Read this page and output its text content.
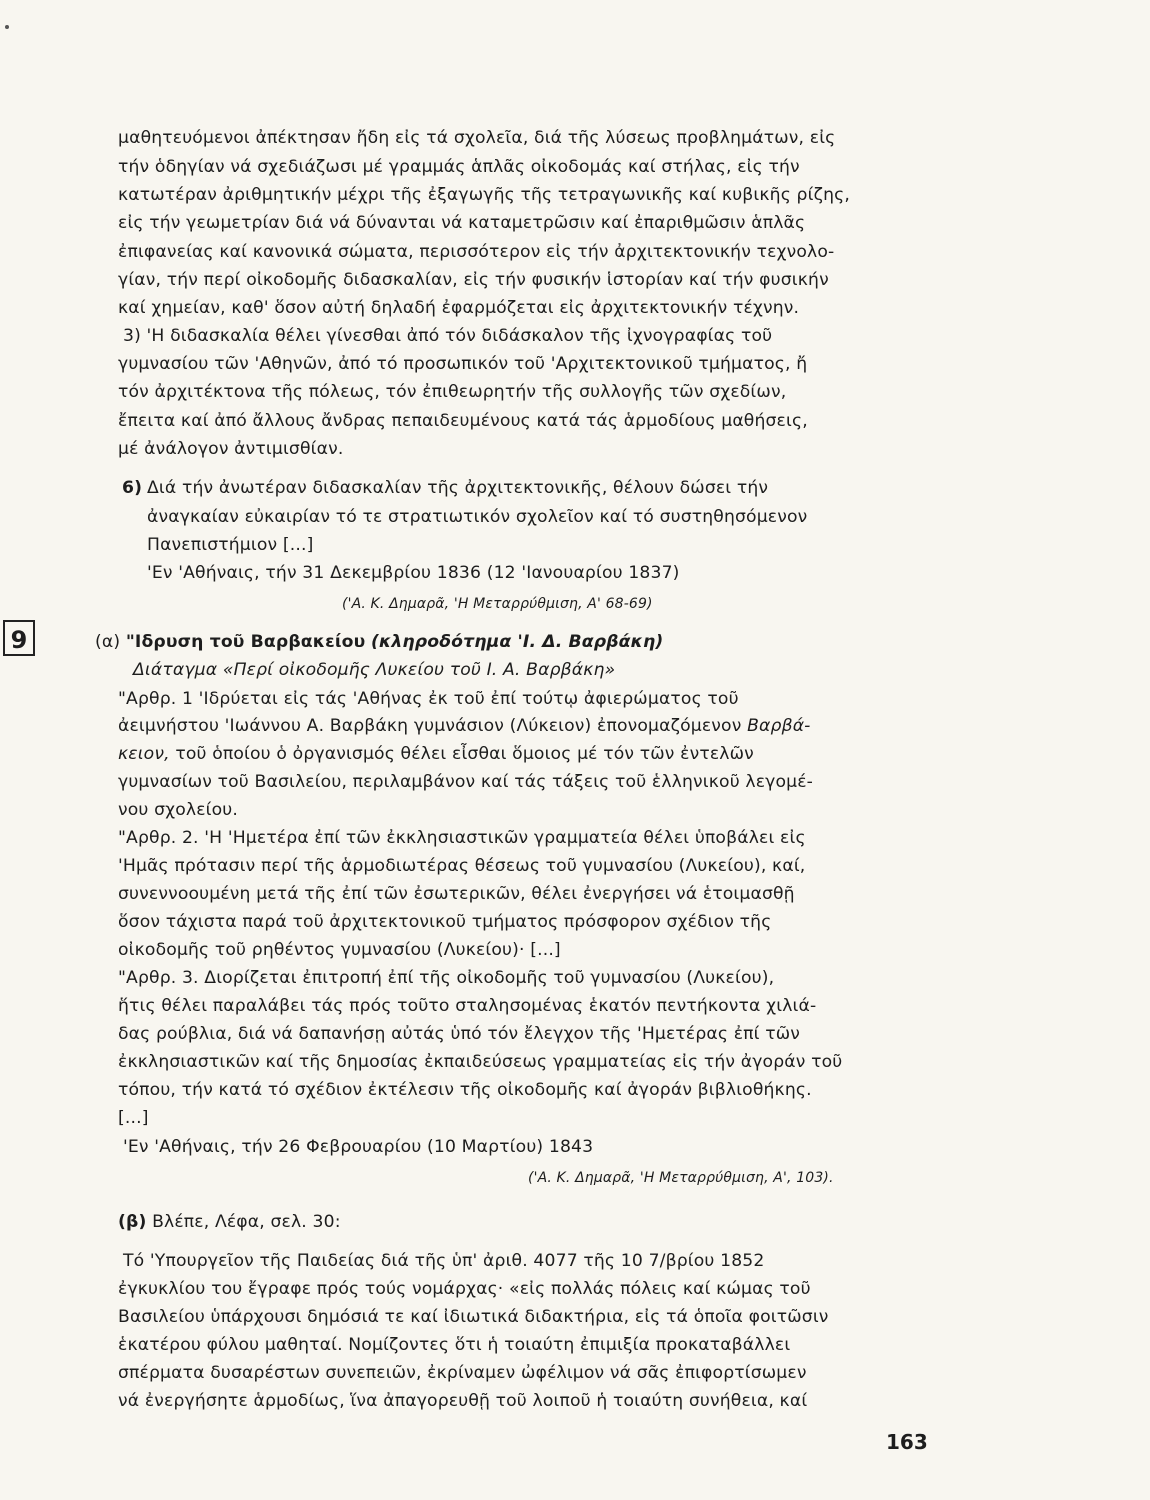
μαθητευόμενοι ἀπέκτησαν ἤδη εἰς τά σχολεῖα, διά τῆς λύσεως προβλημάτων, εἰς
τήν ὁδηγίαν νά σχεδιάζωσι μέ γραμμάς ἁπλᾶς οἰκοδομάς καί στήλας, εἰς τήν
κατωτέραν ἀριθμητικήν μέχρι τῆς ἐξαγωγῆς τῆς τετραγωνικῆς καί κυβικῆς ρίζης,
εἰς τήν γεωμετρίαν διά νά δύνανται νά καταμετρῶσιν καί ἐπαριθμῶσιν ἁπλᾶς
ἐπιφανείας καί κανονικά σώματα, περισσότερον εἰς τήν ἀρχιτεκτονικήν τεχνολο-
γίαν, τήν περί οἰκοδομῆς διδασκαλίαν, εἰς τήν φυσικήν ἱστορίαν καί τήν φυσικήν
καί χημείαν, καθ' ὅσον αὐτή δηλαδή ἐφαρμόζεται εἰς ἀρχιτεκτονικήν τέχνην.
3) 'Η διδασκαλία θέλει γίνεσθαι ἀπό τόν διδάσκαλον τῆς ἰχνογραφίας τοῦ
γυμνασίου τῶν 'Αθηνῶν, ἀπό τό προσωπικόν τοῦ 'Αρχιτεκτονικοῦ τμήματος, ἤ
τόν ἀρχιτέκτονα τῆς πόλεως, τόν ἐπιθεωρητήν τῆς συλλογῆς τῶν σχεδίων,
ἔπειτα καί ἀπό ἄλλους ἄνδρας πεπαιδευμένους κατά τάς ἁρμοδίους μαθήσεις,
μέ ἀνάλογον ἀντιμισθίαν.
6) Διά τήν ἀνωτέραν διδασκαλίαν τῆς ἀρχιτεκτονικῆς, θέλουν δώσει τήν
ἀναγκαίαν εὐκαιρίαν τό τε στρατιωτικόν σχολεῖον καί τό συστηθησόμενον
Πανεπιστήμιον [...]
'Εν 'Αθήναις, τήν 31 Δεκεμβρίου 1836 (12 'Ιανουαρίου 1837)
('Α. Κ. Δημαρᾶ, 'Η Μεταρρύθμιση, Α' 68-69)
9	(α) "Ιδρυση τοῦ Βαρβακείου (κληροδότημα 'Ι. Δ. Βαρβάκη)
Διάταγμα «Περί οἰκοδομῆς Λυκείου τοῦ Ι. Α. Βαρβάκη»
"Αρθρ. 1 'Ιδρύεται εἰς τάς 'Αθήνας ἐκ τοῦ ἐπί τούτῳ ἀφιερώματος τοῦ
ἀειμνήστου 'Ιωάννου Α. Βαρβάκη γυμνάσιον (Λύκειον) ἐπονομαζόμενον Βαρβά-
κειον, τοῦ ὁποίου ὁ ὀργανισμός θέλει εἶσθαι ὅμοιος μέ τόν τῶν ἐντελῶν
γυμνασίων τοῦ Βασιλείου, περιλαμβάνον καί τάς τάξεις τοῦ ἑλληνικοῦ λεγομέ-
νου σχολείου.
"Αρθρ. 2. 'Η 'Ημετέρα ἐπί τῶν ἐκκλησιαστικῶν γραμματεία θέλει ὑποβάλει εἰς
'Ημᾶς πρότασιν περί τῆς ἁρμοδιωτέρας θέσεως τοῦ γυμνασίου (Λυκείου), καί,
συνεννοουμένη μετά τῆς ἐπί τῶν ἐσωτερικῶν, θέλει ἐνεργήσει νά ἑτοιμασθῇ
ὅσον τάχιστα παρά τοῦ ἀρχιτεκτονικοῦ τμήματος πρόσφορον σχέδιον τῆς
οἰκοδομῆς τοῦ ρηθέντος γυμνασίου (Λυκείου)· [...]
"Αρθρ. 3. Διορίζεται ἐπιτροπή ἐπί τῆς οἰκοδομῆς τοῦ γυμνασίου (Λυκείου),
ἥτις θέλει παραλάβει τάς πρός τοῦτο σταλησομένας ἑκατόν πεντήκοντα χιλιά-
δας ρούβλια, διά νά δαπανήσῃ αὐτάς ὑπό τόν ἔλεγχον τῆς 'Ημετέρας ἐπί τῶν
ἐκκλησιαστικῶν καί τῆς δημοσίας ἐκπαιδεύσεως γραμματείας εἰς τήν ἀγοράν τοῦ
τόπου, τήν κατά τό σχέδιον ἐκτέλεσιν τῆς οἰκοδομῆς καί ἀγοράν βιβλιοθήκης.
[...]
'Εν 'Αθήναις, τήν 26 Φεβρουαρίου (10 Μαρτίου) 1843
('Α. Κ. Δημαρᾶ, 'Η Μεταρρύθμιση, Α', 103).
(β) Βλέπε, Λέφα, σελ. 30:
Τό 'Υπουργεῖον τῆς Παιδείας διά τῆς ὑπ' ἀριθ. 4077 τῆς 10 7/βρίου 1852
ἐγκυκλίου του ἔγραφε πρός τούς νομάρχας· «εἰς πολλάς πόλεις καί κώμας τοῦ
Βασιλείου ὑπάρχουσι δημόσιά τε καί ἰδιωτικά διδακτήρια, εἰς τά ὁποῖα φοιτῶσιν
ἑκατέρου φύλου μαθηταί. Νομίζοντες ὅτι ἡ τοιαύτη ἐπιμιξία προκαταβάλλει
σπέρματα δυσαρέστων συνεπειῶν, ἐκρίναμεν ὠφέλιμον νά σᾶς ἐπιφορτίσωμεν
νά ἐνεργήσητε ἁρμοδίως, ἵνα ἀπαγορευθῇ τοῦ λοιποῦ ἡ τοιαύτη συνήθεια, καί
163
